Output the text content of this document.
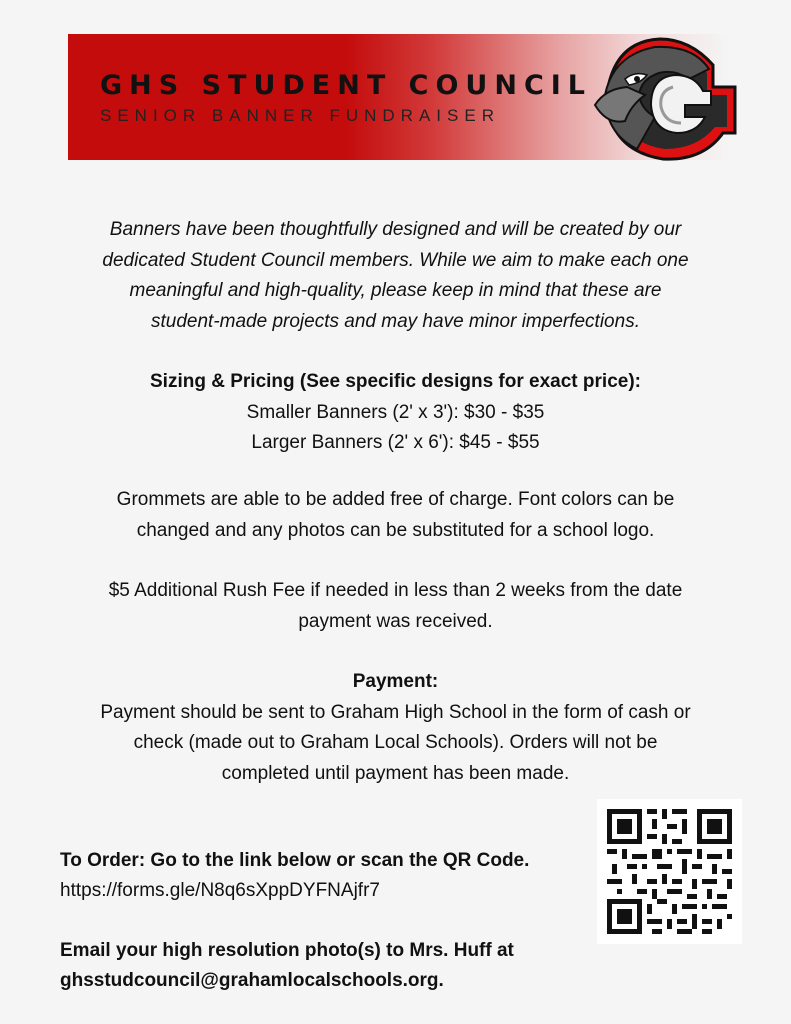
GHS STUDENT COUNCIL
SENIOR BANNER FUNDRAISER
Banners have been thoughtfully designed and will be created by our
dedicated Student Council members. While we aim to make each one
meaningful and high-quality, please keep in mind that these are
student-made projects and may have minor imperfections.
Sizing & Pricing (See specific designs for exact price):
Smaller Banners (2' x 3'): $30 - $35
Larger Banners (2' x 6'): $45 - $55
Grommets are able to be added free of charge. Font colors can be
changed and any photos can be substituted for a school logo.
$5 Additional Rush Fee if needed in less than 2 weeks from the date
payment was received.
Payment:
Payment should be sent to Graham High School in the form of cash or
check (made out to Graham Local Schools). Orders will not be
completed until payment has been made.
To Order: Go to the link below or scan the QR Code.
https://forms.gle/N8q6sXppDYFNAjfr7
Email your high resolution photo(s) to Mrs. Huff at
ghsstudcouncil@grahamlocalschools.org.
